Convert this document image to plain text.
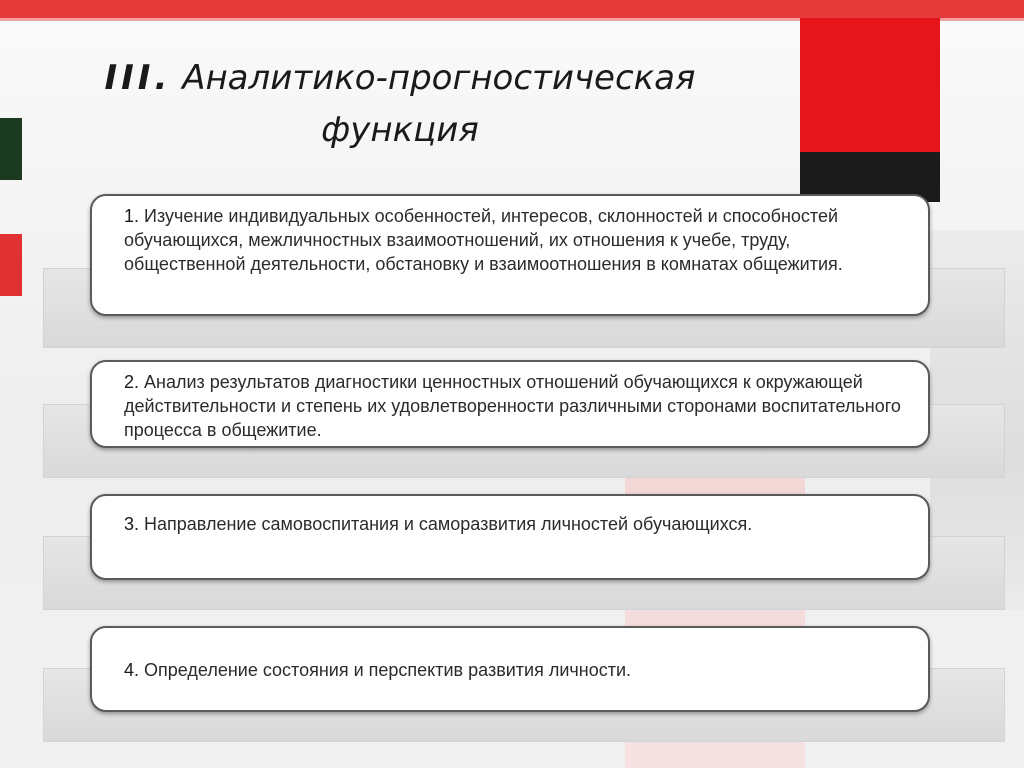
III. Аналитико-прогностическая
функция
1. Изучение индивидуальных особенностей, интересов, склонностей и способностей обучающихся, межличностных взаимоотношений, их отношения к учебе, труду, общественной деятельности, обстановку и взаимоотношения в комнатах общежития.
2. Анализ результатов диагностики ценностных отношений обучающихся к окружающей действительности и степень их удовлетворенности различными сторонами воспитательного процесса в общежитие.
3. Направление самовоспитания и саморазвития личностей обучающихся.
4. Определение состояния и перспектив развития личности.
